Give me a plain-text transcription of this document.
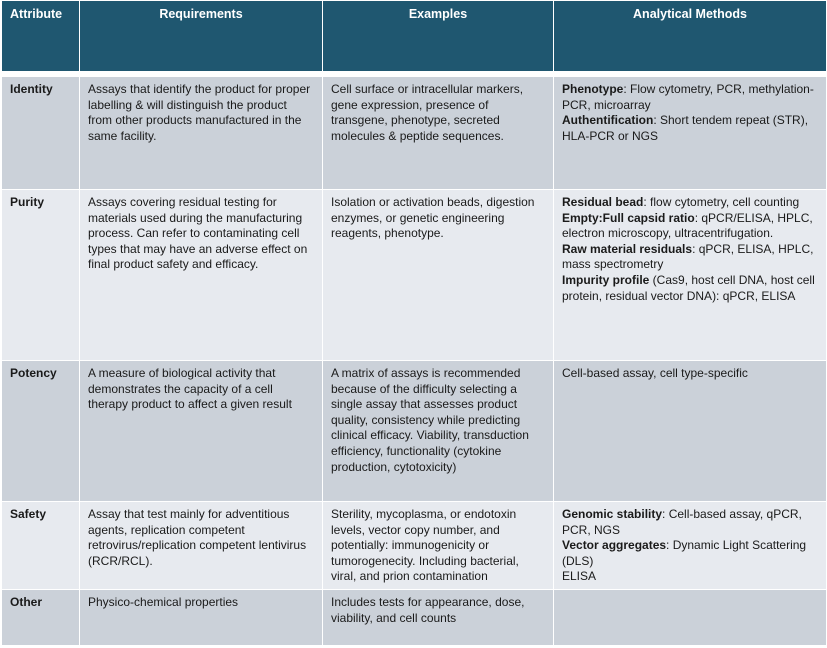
Attribute	Requirements	Examples	Analytical Methods

Identity	Assays that identify the product for proper labelling & will distinguish the product from other products manufactured in the same facility.	Cell surface or intracellular markers, gene expression, presence of transgene, phenotype, secreted molecules & peptide sequences.	Phenotype: Flow cytometry, PCR, methylation-PCR, microarray
Authentification: Short tendem repeat (STR), HLA-PCR or NGS

Purity	Assays covering residual testing for materials used during the manufacturing process. Can refer to contaminating cell types that may have an adverse effect on final product safety and efficacy.	Isolation or activation beads, digestion enzymes, or genetic engineering reagents, phenotype.	Residual bead: flow cytometry, cell counting
Empty:Full capsid ratio: qPCR/ELISA, HPLC, electron microscopy, ultracentrifugation.
Raw material residuals: qPCR, ELISA, HPLC, mass spectrometry
Impurity profile (Cas9, host cell DNA, host cell protein, residual vector DNA): qPCR, ELISA

Potency	A measure of biological activity that demonstrates the capacity of a cell therapy product to affect a given result	A matrix of assays is recommended because of the difficulty selecting a single assay that assesses product quality, consistency while predicting clinical efficacy. Viability, transduction efficiency, functionality (cytokine production, cytotoxicity)	Cell-based assay, cell type-specific

Safety	Assay that test mainly for adventitious agents, replication competent retrovirus/replication competent lentivirus (RCR/RCL).	Sterility, mycoplasma, or endotoxin levels, vector copy number, and potentially: immunogenicity or tumorogenecity. Including bacterial, viral, and prion contamination	Genomic stability: Cell-based assay, qPCR, PCR, NGS
Vector aggregates: Dynamic Light Scattering (DLS)
ELISA

Other	Physico-chemical properties	Includes tests for appearance, dose, viability, and cell counts	
